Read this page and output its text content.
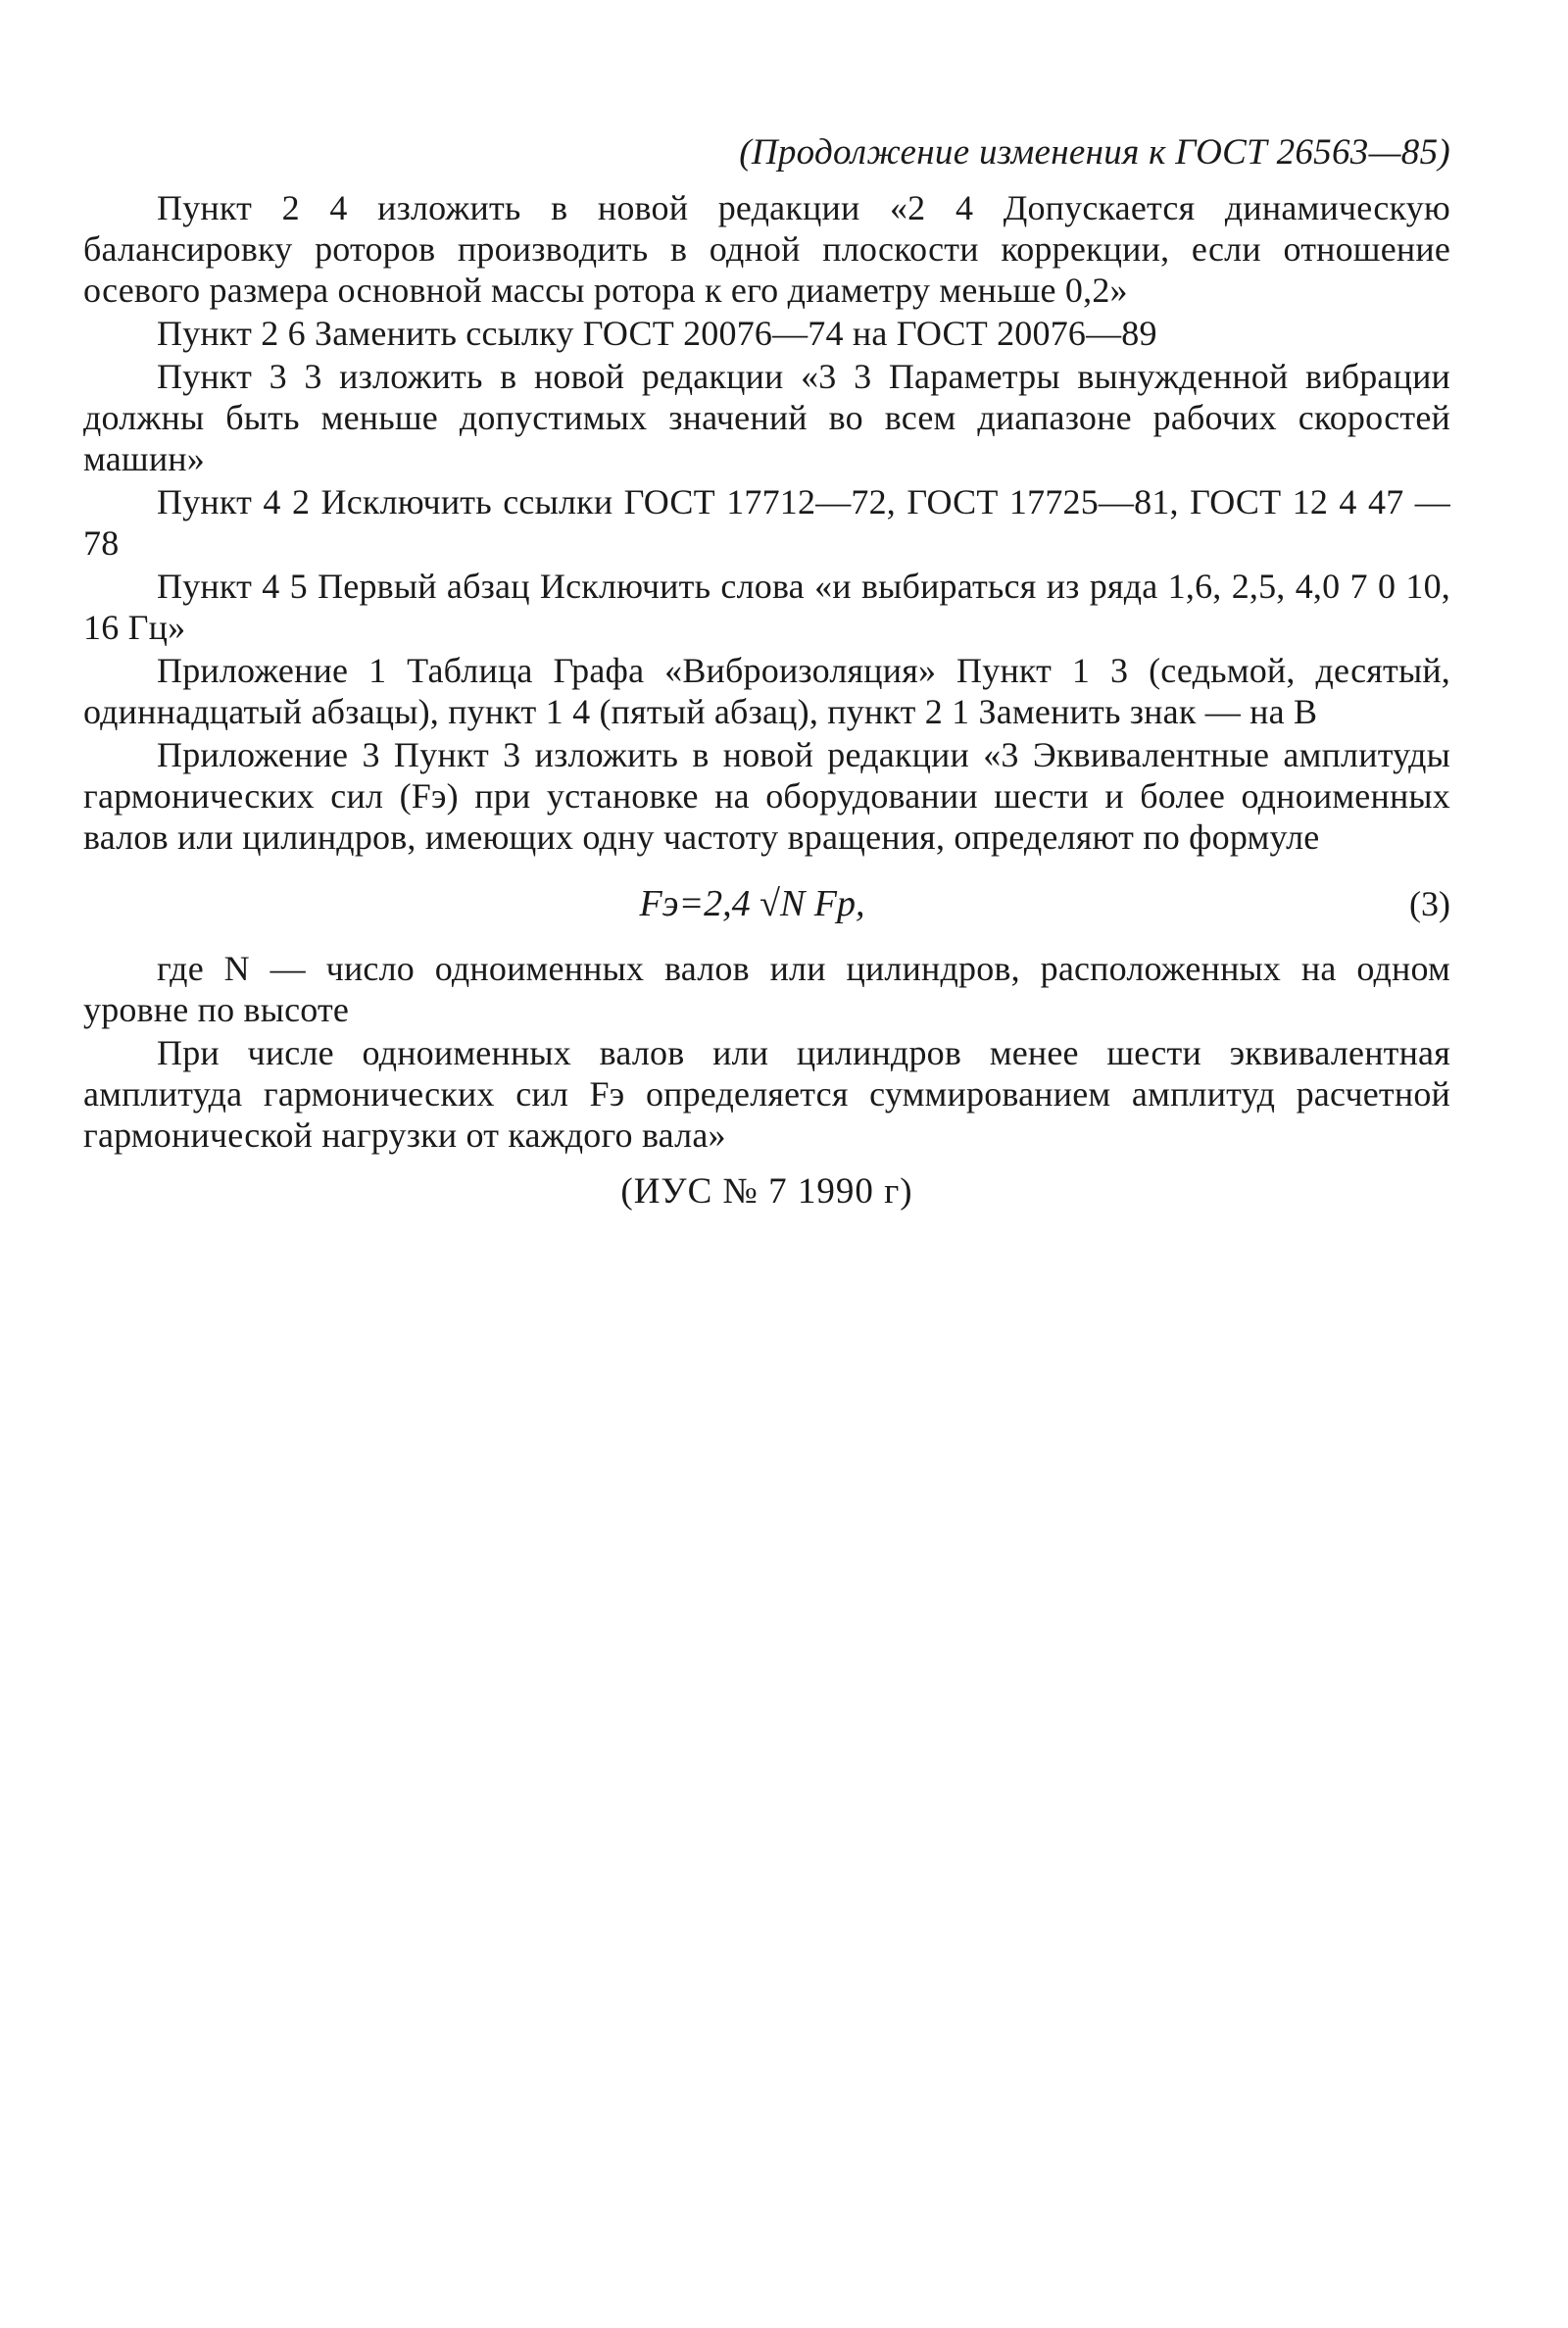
(Продолжение изменения к ГОСТ 26563—85)

Пункт 2 4 изложить в новой редакции «2 4 Допускается динамическую балансировку роторов производить в одной плоскости коррекции, если отношение осевого размера основной массы ротора к его диаметру меньше 0,2»

Пункт 2 6 Заменить ссылку ГОСТ 20076—74 на ГОСТ 20076—89

Пункт 3 3 изложить в новой редакции «3 3 Параметры вынужденной вибрации должны быть меньше допустимых значений во всем диапазоне рабочих скоростей машин»

Пункт 4 2 Исключить ссылки ГОСТ 17712—72, ГОСТ 17725—81, ГОСТ 12 4 47 —78

Пункт 4 5 Первый абзац Исключить слова «и выбираться из ряда 1,6, 2,5, 4,0 7 0 10, 16 Гц»

Приложение 1 Таблица Графа «Виброизоляция» Пункт 1 3 (седьмой, десятый, одиннадцатый абзацы), пункт 1 4 (пятый абзац), пункт 2 1 Заменить знак — на В

Приложение 3 Пункт 3 изложить в новой редакции «3 Эквивалентные амплитуды гармонических сил (Fэ) при установке на оборудовании шести и более одноименных валов или цилиндров, имеющих одну частоту вращения, определяют по формуле

Fэ=2,4 √N Fр,	(3)

где N — число одноименных валов или цилиндров, расположенных на одном уровне по высоте

При числе одноименных валов или цилиндров менее шести эквивалентная амплитуда гармонических сил Fэ определяется суммированием амплитуд расчетной гармонической нагрузки от каждого вала»

(ИУС № 7 1990 г)
